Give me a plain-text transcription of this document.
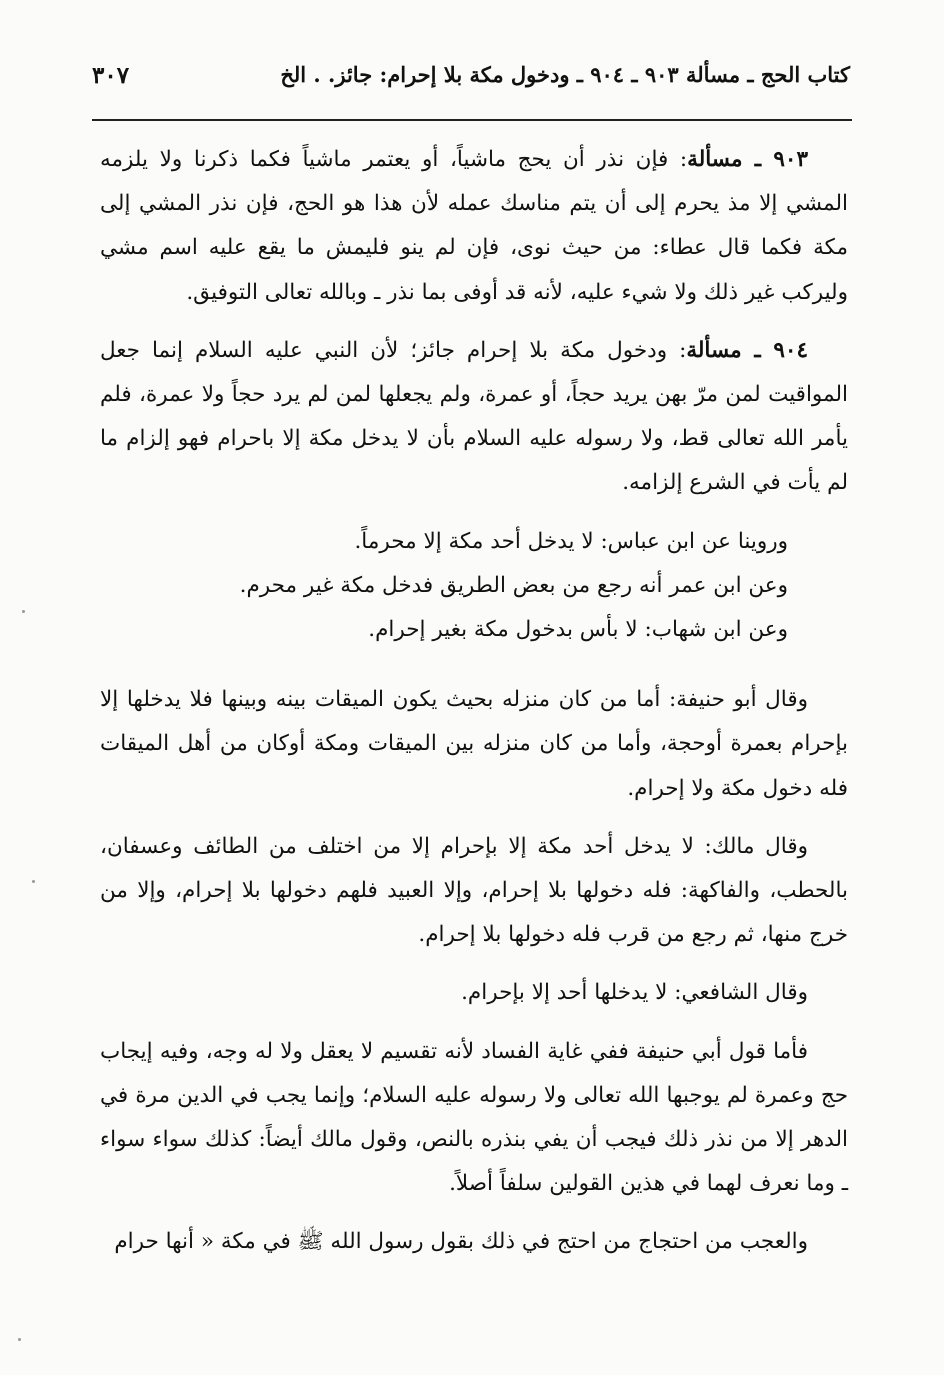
كتاب الحج ـ مسألة ٩٠٣ ـ ٩٠٤ ـ ودخول مكة بلا إحرام: جائز. . الخ
٣٠٧

٩٠٣ ـ مسألة: فإن نذر أن يحج ماشياً، أو يعتمر ماشياً فكما ذكرنا ولا يلزمه المشي إلا مذ يحرم إلى أن يتم مناسك عمله لأن هذا هو الحج، فإن نذر المشي إلى مكة فكما قال عطاء: من حيث نوى، فإن لم ينو فليمش ما يقع عليه اسم مشي وليركب غير ذلك ولا شيء عليه، لأنه قد أوفى بما نذر ـ وبالله تعالى التوفيق.

٩٠٤ ـ مسألة: ودخول مكة بلا إحرام جائز؛ لأن النبي عليه السلام إنما جعل المواقيت لمن مرّ بهن يريد حجاً، أو عمرة، ولم يجعلها لمن لم يرد حجاً ولا عمرة، فلم يأمر الله تعالى قط، ولا رسوله عليه السلام بأن لا يدخل مكة إلا باحرام فهو إلزام ما لم يأت في الشرع إلزامه.

وروينا عن ابن عباس: لا يدخل أحد مكة إلا محرماً.

وعن ابن عمر أنه رجع من بعض الطريق فدخل مكة غير محرم.

وعن ابن شهاب: لا بأس بدخول مكة بغير إحرام.

وقال أبو حنيفة: أما من كان منزله بحيث يكون الميقات بينه وبينها فلا يدخلها إلا بإحرام بعمرة أوحجة، وأما من كان منزله بين الميقات ومكة أوكان من أهل الميقات فله دخول مكة ولا إحرام.

وقال مالك: لا يدخل أحد مكة إلا بإحرام إلا من اختلف من الطائف وعسفان، بالحطب، والفاكهة: فله دخولها بلا إحرام، وإلا العبيد فلهم دخولها بلا إحرام، وإلا من خرج منها، ثم رجع من قرب فله دخولها بلا إحرام.

وقال الشافعي: لا يدخلها أحد إلا بإحرام.

فأما قول أبي حنيفة ففي غاية الفساد لأنه تقسيم لا يعقل ولا له وجه، وفيه إيجاب حج وعمرة لم يوجبها الله تعالى ولا رسوله عليه السلام؛ وإنما يجب في الدين مرة في الدهر إلا من نذر ذلك فيجب أن يفي بنذره بالنص، وقول مالك أيضاً: كذلك سواء سواء ـ وما نعرف لهما في هذين القولين سلفاً أصلاً.

والعجب من احتجاج من احتج في ذلك بقول رسول الله ﷺ في مكة « أنها حرام
